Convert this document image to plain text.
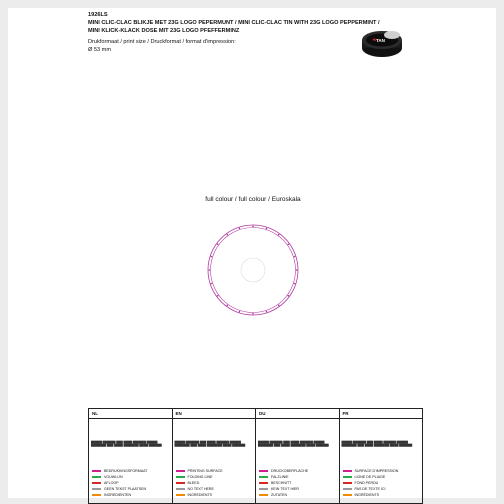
1926LS
MINI CLIC-CLAC BLIKJE MET 23G LOGO PEPERMUNT / MINI CLIC-CLAC TIN WITH 23G LOGO PEPPERMINT /
MINI KLICK-KLACK DOSE MIT 23G LOGO PFEFFERMINZ
Drukformaat / print size / Druckformat / format d'impression:
Ø 53 mm
TAN
full colour / full colour / Euroskala
NL
▇▇▇▇▇ ▇▇▇▇▇▇ ▇▇▇ ▇▇▇▇ ▇▇▇▇▇▇ ▇▇▇▇▇ ▇▇▇▇▇▇▇ ▇▇▇ ▇▇▇▇ ▇▇▇▇▇▇▇ ▇▇▇▇ ▇▇▇▇▇▇
BEDRUKKINGSFORMAAT
VOUWLIJN
AFLOOP
GEEN TEKST PLAATSEN
INGREDIËNTEN
EN
▇▇▇▇▇ ▇▇▇▇▇▇ ▇▇▇ ▇▇▇▇ ▇▇▇▇▇▇ ▇▇▇▇▇ ▇▇▇▇▇▇▇ ▇▇▇ ▇▇▇▇ ▇▇▇▇▇▇▇ ▇▇▇▇ ▇▇▇▇▇▇
PRINTING SURFACE
FOLDING LINE
BLEED
NO TEXT HERE
INGREDIENTS
DU
▇▇▇▇▇ ▇▇▇▇▇▇ ▇▇▇ ▇▇▇▇ ▇▇▇▇▇▇ ▇▇▇▇▇ ▇▇▇▇▇▇▇ ▇▇▇ ▇▇▇▇ ▇▇▇▇▇▇▇ ▇▇▇▇ ▇▇▇▇▇▇
DRUCKOBERFLÄCHE
FALZLINIE
BESCHNITT
KEIN TEXT HIER
ZUTATEN
FR
▇▇▇▇▇ ▇▇▇▇▇▇ ▇▇▇ ▇▇▇▇ ▇▇▇▇▇▇ ▇▇▇▇▇ ▇▇▇▇▇▇▇ ▇▇▇ ▇▇▇▇ ▇▇▇▇▇▇▇ ▇▇▇▇ ▇▇▇▇▇▇
SURFACE D'IMPRESSION
LIGNE DE PLIAGE
FOND PERDU
PAS DE TEXTE ICI
INGRÉDIENTS
